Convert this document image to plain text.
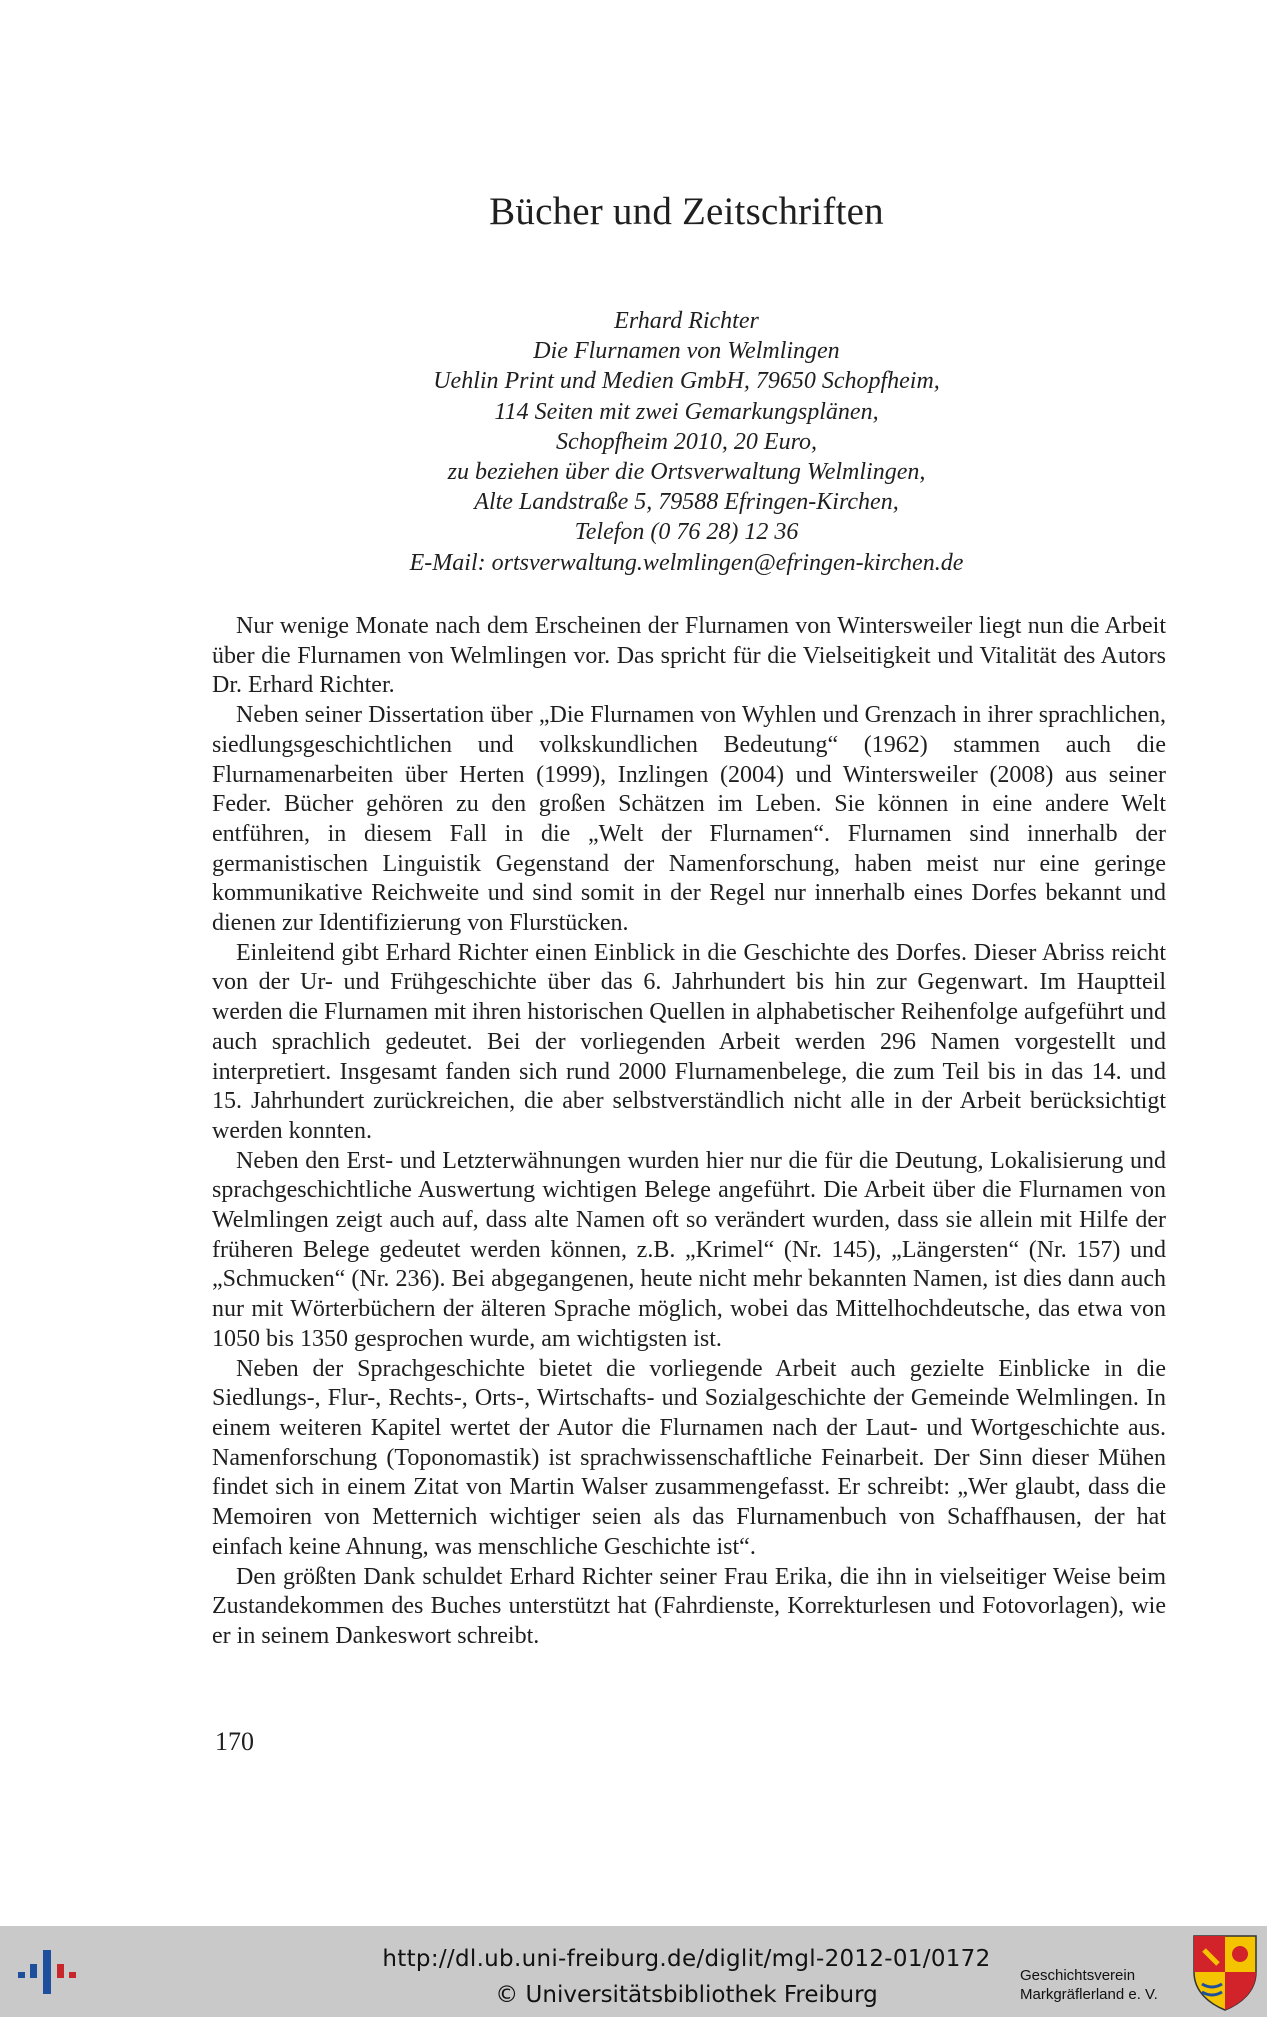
Bücher und Zeitschriften
Erhard Richter
Die Flurnamen von Welmlingen
Uehlin Print und Medien GmbH, 79650 Schopfheim,
114 Seiten mit zwei Gemarkungsplänen,
Schopfheim 2010, 20 Euro,
zu beziehen über die Ortsverwaltung Welmlingen,
Alte Landstraße 5, 79588 Efringen-Kirchen,
Telefon (0 76 28) 12 36
E-Mail: ortsverwaltung.welmlingen@efringen-kirchen.de

Nur wenige Monate nach dem Erscheinen der Flurnamen von Wintersweiler liegt nun die Arbeit über die Flurnamen von Welmlingen vor. Das spricht für die Vielseitigkeit und Vitalität des Autors Dr. Erhard Richter.

Neben seiner Dissertation über „Die Flurnamen von Wyhlen und Grenzach in ihrer sprachlichen, siedlungsgeschichtlichen und volkskundlichen Bedeutung“ (1962) stammen auch die Flurnamenarbeiten über Herten (1999), Inzlingen (2004) und Wintersweiler (2008) aus seiner Feder. Bücher gehören zu den großen Schätzen im Leben. Sie können in eine andere Welt entführen, in diesem Fall in die „Welt der Flurnamen“. Flurnamen sind innerhalb der germanistischen Linguistik Gegenstand der Namenforschung, haben meist nur eine geringe kommunikative Reichweite und sind somit in der Regel nur innerhalb eines Dorfes bekannt und dienen zur Identifizierung von Flurstücken.

Einleitend gibt Erhard Richter einen Einblick in die Geschichte des Dorfes. Dieser Abriss reicht von der Ur- und Frühgeschichte über das 6. Jahrhundert bis hin zur Gegenwart. Im Hauptteil werden die Flurnamen mit ihren historischen Quellen in alphabetischer Reihenfolge aufgeführt und auch sprachlich gedeutet. Bei der vorliegenden Arbeit werden 296 Namen vorgestellt und interpretiert. Insgesamt fanden sich rund 2000 Flurnamenbelege, die zum Teil bis in das 14. und 15. Jahrhundert zurückreichen, die aber selbstverständlich nicht alle in der Arbeit berücksichtigt werden konnten.

Neben den Erst- und Letzterwähnungen wurden hier nur die für die Deutung, Lokalisierung und sprachgeschichtliche Auswertung wichtigen Belege angeführt. Die Arbeit über die Flurnamen von Welmlingen zeigt auch auf, dass alte Namen oft so verändert wurden, dass sie allein mit Hilfe der früheren Belege gedeutet werden können, z.B. „Krimel“ (Nr. 145), „Längersten“ (Nr. 157) und „Schmucken“ (Nr. 236). Bei abgegangenen, heute nicht mehr bekannten Namen, ist dies dann auch nur mit Wörterbüchern der älteren Sprache möglich, wobei das Mittelhochdeutsche, das etwa von 1050 bis 1350 gesprochen wurde, am wichtigsten ist.

Neben der Sprachgeschichte bietet die vorliegende Arbeit auch gezielte Einblicke in die Siedlungs-, Flur-, Rechts-, Orts-, Wirtschafts- und Sozialgeschichte der Gemeinde Welmlingen. In einem weiteren Kapitel wertet der Autor die Flurnamen nach der Laut- und Wortgeschichte aus. Namenforschung (Toponomastik) ist sprachwissenschaftliche Feinarbeit. Der Sinn dieser Mühen findet sich in einem Zitat von Martin Walser zusammengefasst. Er schreibt: „Wer glaubt, dass die Memoiren von Metternich wichtiger seien als das Flurnamenbuch von Schaffhausen, der hat einfach keine Ahnung, was menschliche Geschichte ist“.

Den größten Dank schuldet Erhard Richter seiner Frau Erika, die ihn in vielseitiger Weise beim Zustandekommen des Buches unterstützt hat (Fahrdienste, Korrekturlesen und Fotovorlagen), wie er in seinem Dankeswort schreibt.

170
http://dl.ub.uni-freiburg.de/diglit/mgl-2012-01/0172
© Universitätsbibliothek Freiburg
Geschichtsverein
Markgräflerland e. V.
